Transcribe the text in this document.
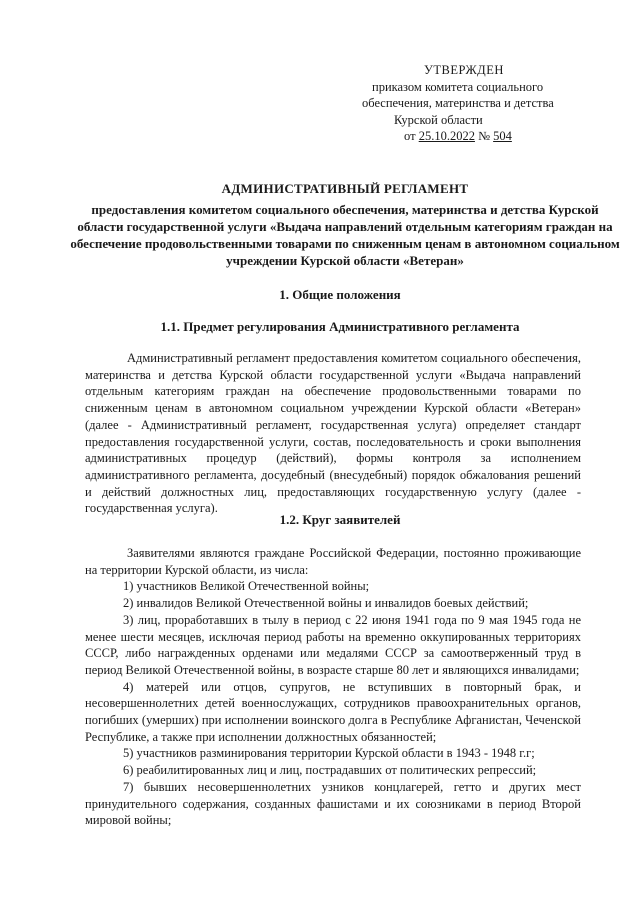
УТВЕРЖДЕН
приказом комитета социального
обеспечения, материнства и детства
Курской области
от 25.10.2022 № 504
АДМИНИСТРАТИВНЫЙ РЕГЛАМЕНТ
предоставления комитетом социального обеспечения, материнства и детства Курской области государственной услуги «Выдача направлений отдельным категориям граждан на обеспечение продовольственными товарами по сниженным ценам в автономном социальном учреждении Курской области «Ветеран»
1. Общие положения
1.1. Предмет регулирования Административного регламента

Административный регламент предоставления комитетом социального обеспечения, материнства и детства Курской области государственной услуги «Выдача направлений отдельным категориям граждан на обеспечение продовольственными товарами по сниженным ценам в автономном социальном учреждении Курской области «Ветеран» (далее - Административный регламент, государственная услуга) определяет стандарт предоставления государственной услуги, состав, последовательность и сроки выполнения административных процедур (действий), формы контроля за исполнением административного регламента, досудебный (внесудебный) порядок обжалования решений и действий должностных лиц, предоставляющих государственную услугу (далее - государственная услуга).

1.2. Круг заявителей

Заявителями являются граждане Российской Федерации, постоянно проживающие на территории Курской области, из числа:

1) участников Великой Отечественной войны;

2) инвалидов Великой Отечественной войны и инвалидов боевых действий;

3) лиц, проработавших в тылу в период с 22 июня 1941 года по 9 мая 1945 года не менее шести месяцев, исключая период работы на временно оккупированных территориях СССР, либо награжденных орденами или медалями СССР за самоотверженный труд в период Великой Отечественной войны, в возрасте старше 80 лет и являющихся инвалидами;

4) матерей или отцов, супругов, не вступивших в повторный брак, и несовершеннолетних детей военнослужащих, сотрудников правоохранительных органов, погибших (умерших) при исполнении воинского долга в Республике Афганистан, Чеченской Республике, а также при исполнении должностных обязанностей;

5) участников разминирования территории Курской области в 1943 - 1948 г.г;

6) реабилитированных лиц и лиц, пострадавших от политических репрессий;

7) бывших несовершеннолетних узников концлагерей, гетто и других мест принудительного содержания, созданных фашистами и их союзниками в период Второй мировой войны;
